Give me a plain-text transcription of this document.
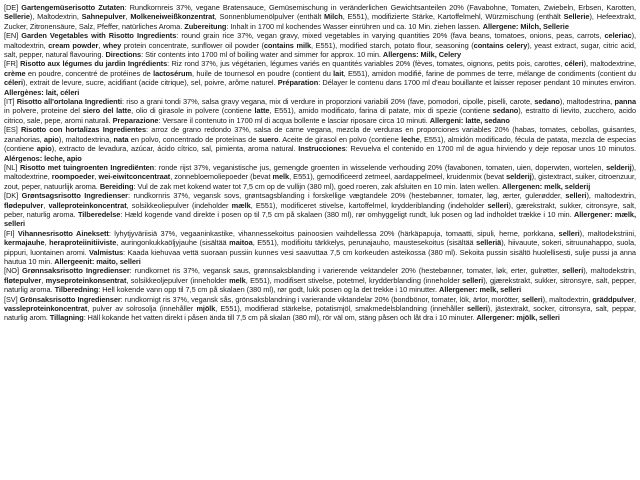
[DE] Gartengemüserisotto Zutaten: Rundkornreis 37%, vegane Bratensauce, Gemüsemischung in veränderlichen Gewichtsanteilen 20% (Favabohne, Tomaten, Zwiebeln, Erbsen, Karotten, Sellerie), Maltodextrin, Sahnepulver, Molkeneiweißkonzentrat, Sonnenblumenölpulver (enthält Milch, E551), modifizierte Stärke, Kartoffelmehl, Würzmischung (enthält Sellerie), Hefeextrakt, Zucker, Zitronensäure, Salz, Pfeffer, natürliches Aroma. Zubereitung: Inhalt in 1700 ml kochendes Wasser einrühren und ca. 10 Min. ziehen lassen. Allergene: Milch, Sellerie

[EN] Garden Vegetables with Risotto Ingredients: round grain rice 37%, vegan gravy, mixed vegetables in varying quantities 20% (fava beans, tomatoes, onions, peas, carrots, celeriac), maltodextrin, cream powder, whey protein concentrate, sunflower oil powder (contains milk, E551), modified starch, potato flour, seasoning (contains celery), yeast extract, sugar, citric acid, salt, pepper, natural flavouring. Directions: Stir contents into 1700 ml of boiling water and simmer for approx. 10 min. Allergens: Milk, Celery

[FR] Risotto aux légumes du jardin Ingrédients: Riz rond 37%, jus végétarien, légumes variés en quantités variables 20% (fèves, tomates, oignons, petits pois, carottes, céleri), maltodextrine, crème en poudre, concentré de protéines de lactosérum, huile de tournesol en poudre (contient du lait, E551), amidon modifié, farine de pommes de terre, mélange de condiments (contient du céleri), extrait de levure, sucre, acidifiant (acide citrique), sel, poivre, arôme naturel. Préparation: Délayer le contenu dans 1700 ml d'eau bouillante et laisser reposer pendant 10 minutes environ. Allergènes: lait, céleri

[IT] Risotto all'ortolana Ingredienti: riso a grani tondi 37%, salsa gravy vegana, mix di verdure in proporzioni variabili 20% (fave, pomodori, cipolle, piselli, carote, sedano), maltodestrina, panna in polvere, proteine del siero del latte, olio di girasole in polvere (contiene latte, E551), amido modificato, farina di patate, mix di spezie (contiene sedano), estratto di lievito, zucchero, acido citrico, sale, pepe, aromi naturali. Preparazione: Versare il contenuto in 1700 ml di acqua bollente e lasciar riposare circa 10 minuti. Allergeni: latte, sedano

[ES] Risotto con hortalizas Ingredientes: arroz de grano redondo 37%, salsa de carne vegana, mezcla de verduras en proporciones variables 20% (habas, tomates, cebollas, guisantes, zanahorias, apio), maltodextrina, nata en polvo, concentrado de proteínas de suero. Aceite de girasol en polvo (contiene leche, E551), almidón modificado, fécula de patata, mezcla de especias (contiene apio), extracto de levadura, azúcar, ácido cítrico, sal, pimienta, aroma natural. Instrucciones: Revuelva el contenido en 1700 ml de agua hirviendo y deje reposar unos 10 minutos. Alérgenos: leche, apio

[NL] Risotto met tuingroenten Ingrediënten: ronde rijst 37%, veganistische jus, gemengde groenten in wisselende verhouding 20% (favabonen, tomaten, uien, doperwten, wortelen, selderij), maltodextrine, roompoeder, wei-eiwitconcentraat, zonnebloemoliepoeder (bevat melk, E551), gemodificeerd zetmeel, aardappelmeel, kruidenmix (bevat selderij), gistextract, suiker, citroenzuur, zout, peper, natuurlijk aroma. Bereiding: Vul de zak met kokend water tot 7,5 cm op de vullijn (380 ml), goed roeren, zak afsluiten en 10 min. laten wellen. Allergenen: melk, selderij

[DK] Grøntsagsrisotto Ingredienser: rundkornris 37%, vegansk sovs, grøntsagsblanding i forskellige vægtandele 20% (hestebønner, tomater, løg, ærter, gulerødder, selleri), maltodextrin, flødepulver, valleproteinkoncentrat, solsikkeoliepulver (indeholder mælk, E551), modificeret stivelse, kartoffelmel, krydderiblanding (indeholder selleri), gærekstrakt, sukker, citronsyre, salt, peber, naturlig aroma. Tilberedelse: Hæld kogende vand direkte i posen op til 7,5 cm på skalaen (380 ml), rør omhyggeligt rundt, luk posen og lad indholdet trække i 10 min. Allergener: mælk, selleri

[FI] Vihannesrisotto Aineksett: lyhytjyväriisiä 37%, vegaaninkastike, vihannessekoitus painoosien vaihdellessa 20% (härkäpapuja, tomaatti, sipuli, herne, porkkana, selleri), maltodekstriini, kermajauhe, heraproteiinitiiviste, auringonkukkaöljyjauhe (sisältää maitoa, E551), modifioitu tärkkelys, perunajauho, maustesekoitus (sisältää selleriä), hiivauute, sokeri, sitruunahappo, suola, pippuri, luontainen aromi. Valmistus: Kaada kiehuvaa vettä suoraan pussiin kunnes vesi saavuttaa 7,5 cm korkeuden asteikossa (380 ml). Sekoita pussin sisältö huolellisesti, sulje pussi ja anna hautua 10 min. Allergeenit: maito, selleri

[NO] Grønnsaksrisotto Ingredienser: rundkornet ris 37%, vegansk saus, grønnsaksblanding i varierende vektandeler 20% (hestebønner, tomater, løk, erter, gulrøtter, selleri), maltodekstrin, fløtepulver, myseproteinkonsentrat, solsikkeoljepulver (inneholder melk, E551), modifisert stivelse, potetmel, krydderblanding (inneholder selleri), gjærekstrakt, sukker, sitronsyre, salt, pepper, naturlig aroma. Tilberedning: Hell kokende vann opp til 7,5 cm på skalaen (380 ml), rør godt, lukk posen og la det trekke i 10 minutter. Allergener: melk, selleri

[SV] Grönsaksrisotto Ingredienser: rundkornigt ris 37%, vegansk sås, grönsaksblandning i varierande viktandelar 20% (bondbönor, tomater, lök, ärtor, morötter, selleri), maltodextrin, gräddpulver, vassleproteinkoncentrat, pulver av solrosolja (innehåller mjölk, E551), modifierad stärkelse, potatismjöl, smakmedelsblandning (innehåller selleri), jästextrakt, socker, citronsyra, salt, peppar, naturlig arom. Tillagning: Häll kokande het vatten direkt i påsen ända till 7,5 cm på skalan (380 ml), rör väl om, stäng påsen och låt dra i 10 minuter. Allergener: mjölk, selleri
